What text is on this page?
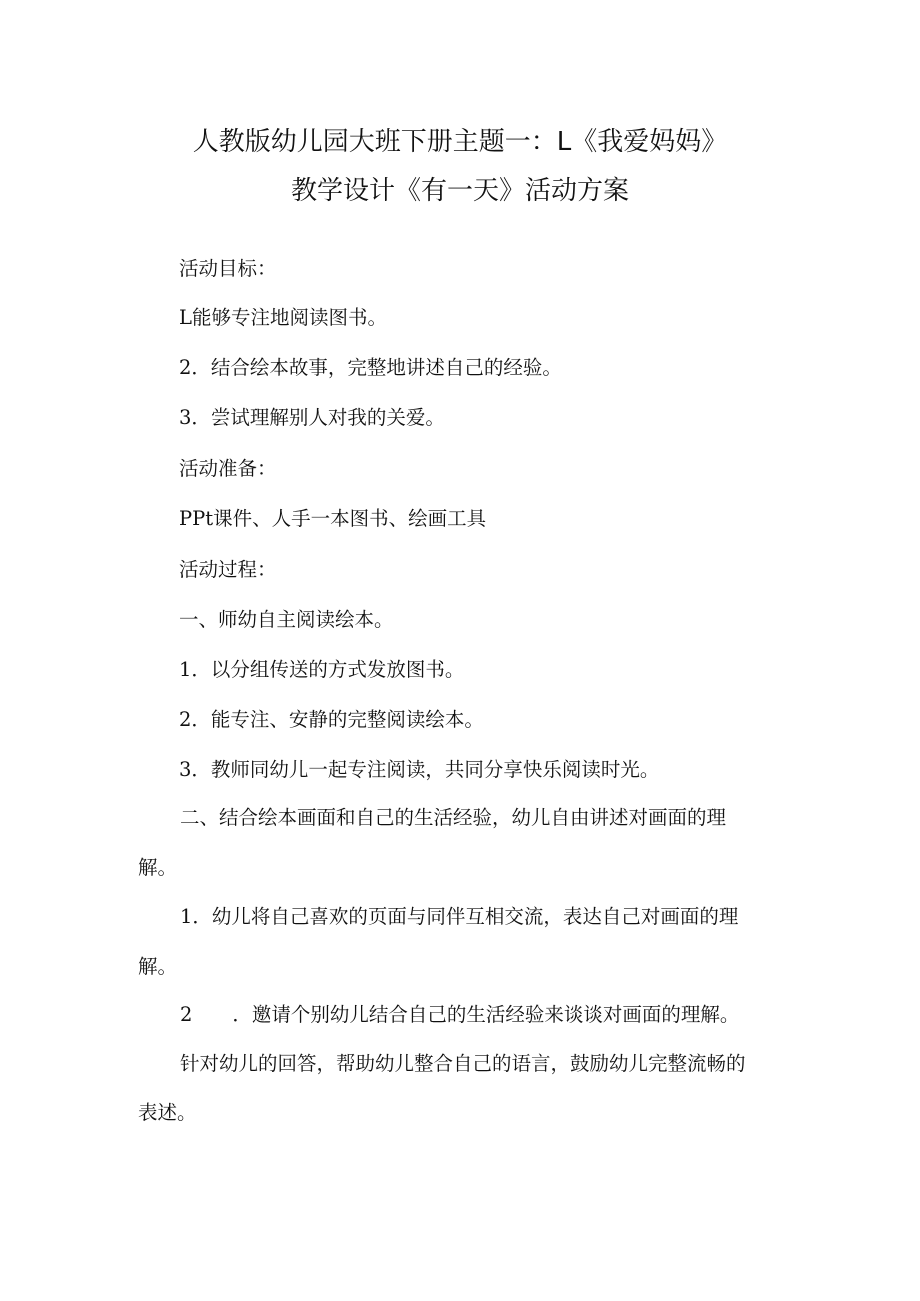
人教版幼儿园大班下册主题一：L《我爱妈妈》
教学设计《有一天》活动方案

活动目标：

L能够专注地阅读图书。

2．结合绘本故事，完整地讲述自己的经验。

3．尝试理解别人对我的关爱。

活动准备：

PPt课件、人手一本图书、绘画工具

活动过程：

一、师幼自主阅读绘本。

1．以分组传送的方式发放图书。

2．能专注、安静的完整阅读绘本。

3．教师同幼儿一起专注阅读，共同分享快乐阅读时光。

二、结合绘本画面和自己的生活经验，幼儿自由讲述对画面的理

解。

1．幼儿将自己喜欢的页面与同伴互相交流，表达自己对画面的理

解。

2 ．邀请个别幼儿结合自己的生活经验来谈谈对画面的理解。

针对幼儿的回答，帮助幼儿整合自己的语言，鼓励幼儿完整流畅的

表述。
